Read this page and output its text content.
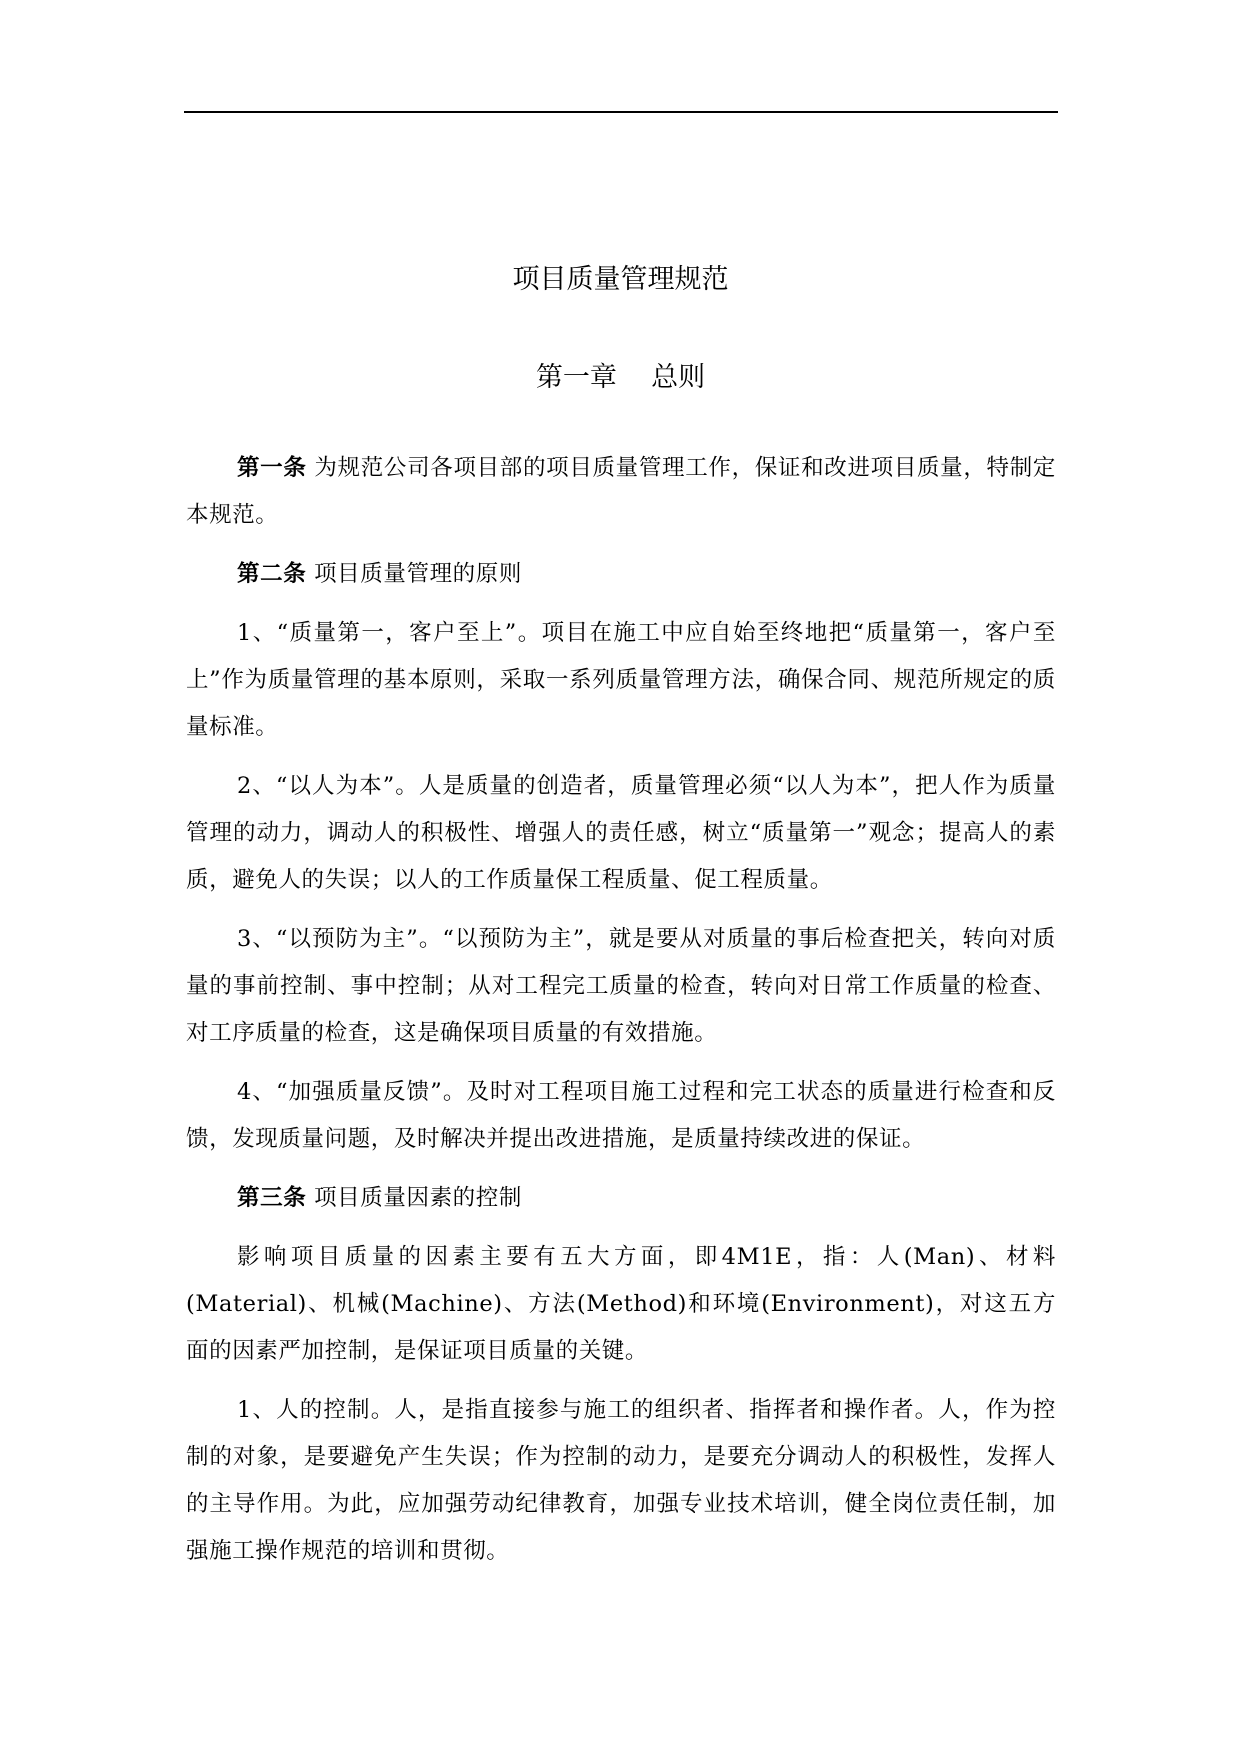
项目质量管理规范
第一章    总则

第一条 为规范公司各项目部的项目质量管理工作，保证和改进项目质量，特制定本规范。

第二条 项目质量管理的原则

1、“质量第一，客户至上”。项目在施工中应自始至终地把“质量第一，客户至上”作为质量管理的基本原则，采取一系列质量管理方法，确保合同、规范所规定的质量标准。

2、“以人为本”。人是质量的创造者，质量管理必须“以人为本”，把人作为质量管理的动力，调动人的积极性、增强人的责任感，树立“质量第一”观念；提高人的素质，避免人的失误；以人的工作质量保工程质量、促工程质量。

3、“以预防为主”。“以预防为主”，就是要从对质量的事后检查把关，转向对质量的事前控制、事中控制；从对工程完工质量的检查，转向对日常工作质量的检查、对工序质量的检查，这是确保项目质量的有效措施。

4、“加强质量反馈”。及时对工程项目施工过程和完工状态的质量进行检查和反馈，发现质量问题，及时解决并提出改进措施，是质量持续改进的保证。

第三条 项目质量因素的控制

影响项目质量的因素主要有五大方面，即4M1E，指：人(Man)、材料(Material)、机械(Machine)、方法(Method)和环境(Environment)，对这五方面的因素严加控制，是保证项目质量的关键。

1、人的控制。人，是指直接参与施工的组织者、指挥者和操作者。人，作为控制的对象，是要避免产生失误；作为控制的动力，是要充分调动人的积极性，发挥人的主导作用。为此，应加强劳动纪律教育，加强专业技术培训，健全岗位责任制，加强施工操作规范的培训和贯彻。
